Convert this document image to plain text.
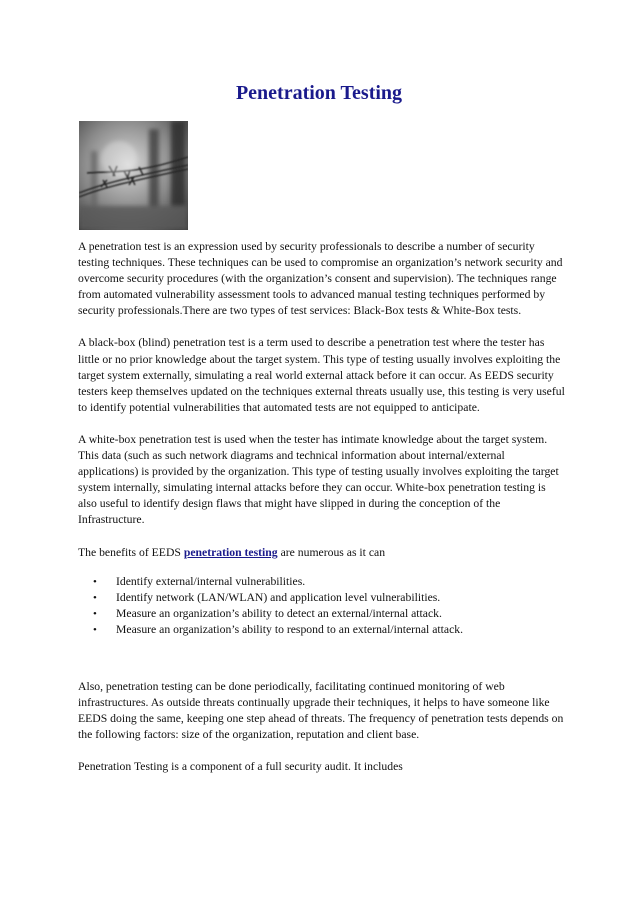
Penetration Testing

A penetration test is an expression used by security professionals to describe a number of security testing techniques. These techniques can be used to compromise an organization’s network security and overcome security procedures (with the organization’s consent and supervision). The techniques range from automated vulnerability assessment tools to advanced manual testing techniques performed by security professionals.There are two types of test services: Black-Box tests & White-Box tests.

A black-box (blind) penetration test is a term used to describe a penetration test where the tester has little or no prior knowledge about the target system. This type of testing usually involves exploiting the target system externally, simulating a real world external attack before it can occur. As EEDS security testers keep themselves updated on the techniques external threats usually use, this testing is very useful to identify potential vulnerabilities that automated tests are not equipped to anticipate.

A white-box penetration test is used when the tester has intimate knowledge about the target system. This data (such as such network diagrams and technical information about internal/external applications) is provided by the organization. This type of testing usually involves exploiting the target system internally, simulating internal attacks before they can occur. White-box penetration testing is also useful to identify design flaws that might have slipped in during the conception of the Infrastructure.

The benefits of EEDS penetration testing are numerous as it can

• Identify external/internal vulnerabilities.
• Identify network (LAN/WLAN) and application level vulnerabilities.
• Measure an organization’s ability to detect an external/internal attack.
• Measure an organization’s ability to respond to an external/internal attack.

Also, penetration testing can be done periodically, facilitating continued monitoring of web infrastructures. As outside threats continually upgrade their techniques, it helps to have someone like EEDS doing the same, keeping one step ahead of threats. The frequency of penetration tests depends on the following factors: size of the organization, reputation and client base.

Penetration Testing is a component of a full security audit. It includes
